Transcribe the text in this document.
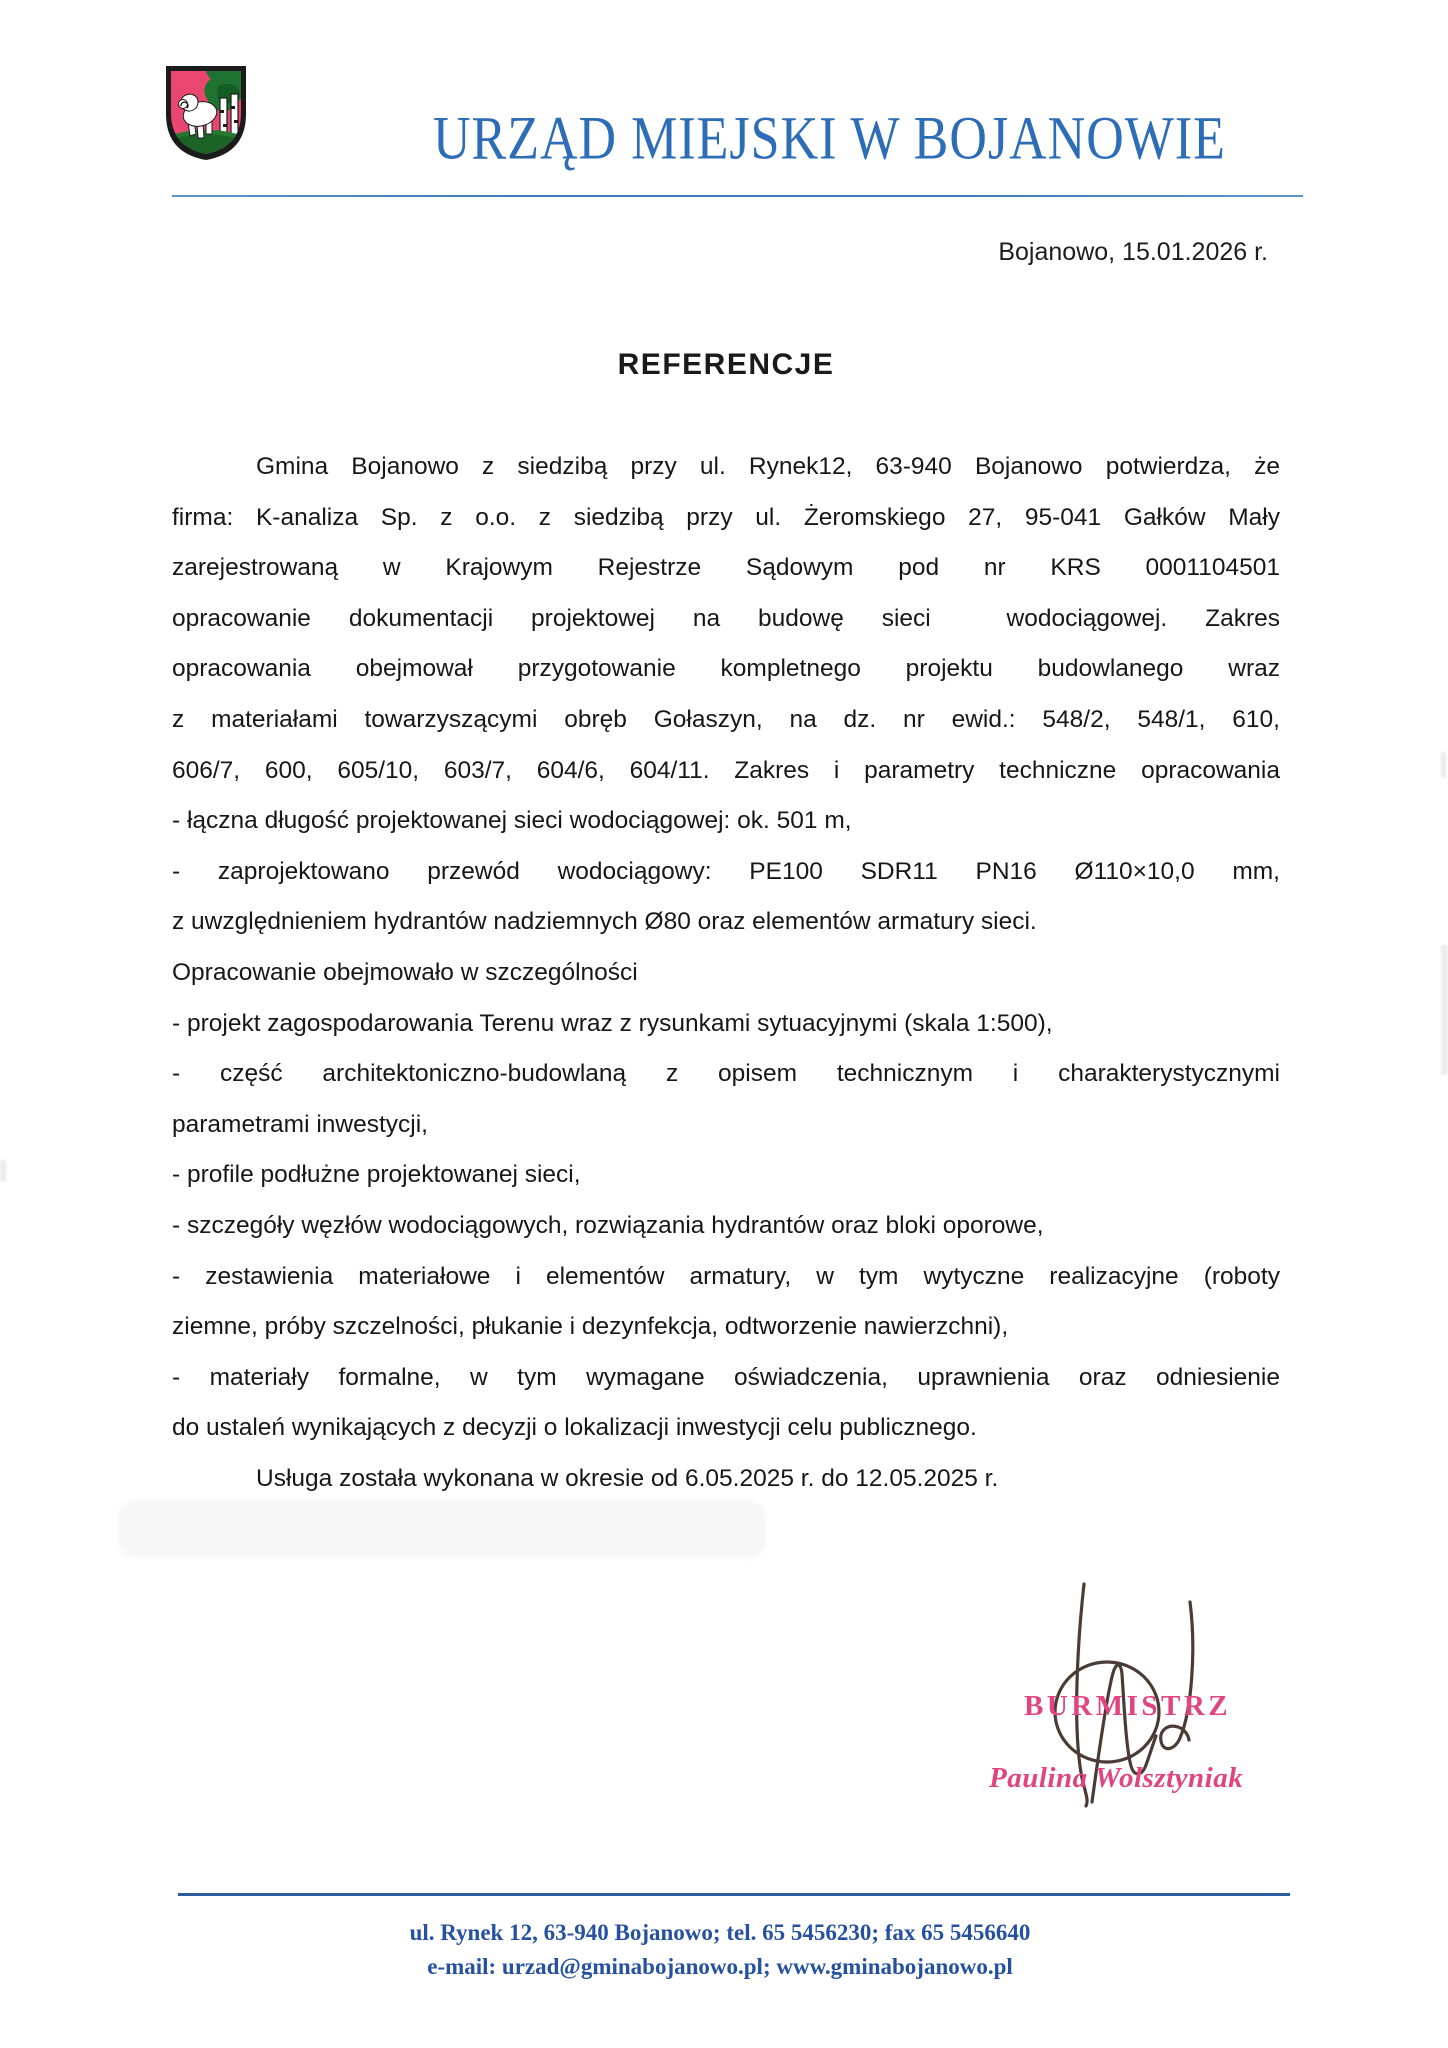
URZĄD MIEJSKI W BOJANOWIE
Bojanowo, 15.01.2026 r.
REFERENCJE
Gmina Bojanowo z siedzibą przy ul. Rynek12, 63-940 Bojanowo potwierdza, że
firma: K-analiza Sp. z o.o. z siedzibą przy ul. Żeromskiego 27, 95-041 Gałków Mały
zarejestrowaną w Krajowym Rejestrze Sądowym pod nr KRS 0001104501
opracowanie dokumentacji projektowej na budowę sieci  wodociągowej. Zakres
opracowania obejmował przygotowanie kompletnego projektu budowlanego wraz
z materiałami towarzyszącymi obręb Gołaszyn, na dz. nr ewid.: 548/2, 548/1, 610,
606/7, 600, 605/10, 603/7, 604/6, 604/11. Zakres i parametry techniczne opracowania
- łączna długość projektowanej sieci wodociągowej: ok. 501 m,
- zaprojektowano przewód wodociągowy: PE100 SDR11 PN16 Ø110×10,0 mm,
z uwzględnieniem hydrantów nadziemnych Ø80 oraz elementów armatury sieci.
Opracowanie obejmowało w szczególności
- projekt zagospodarowania Terenu wraz z rysunkami sytuacyjnymi (skala 1:500),
- część architektoniczno-budowlaną z opisem technicznym i charakterystycznymi
parametrami inwestycji,
- profile podłużne projektowanej sieci,
- szczegóły węzłów wodociągowych, rozwiązania hydrantów oraz bloki oporowe,
- zestawienia materiałowe i elementów armatury, w tym wytyczne realizacyjne (roboty
ziemne, próby szczelności, płukanie i dezynfekcja, odtworzenie nawierzchni),
- materiały formalne, w tym wymagane oświadczenia, uprawnienia oraz odniesienie
do ustaleń wynikających z decyzji o lokalizacji inwestycji celu publicznego.
Usługa została wykonana w okresie od 6.05.2025 r. do 12.05.2025 r.
BURMISTRZ
Paulina Wolsztyniak
ul. Rynek 12, 63-940 Bojanowo; tel. 65 5456230; fax 65 5456640
e-mail: urzad@gminabojanowo.pl; www.gminabojanowo.pl
